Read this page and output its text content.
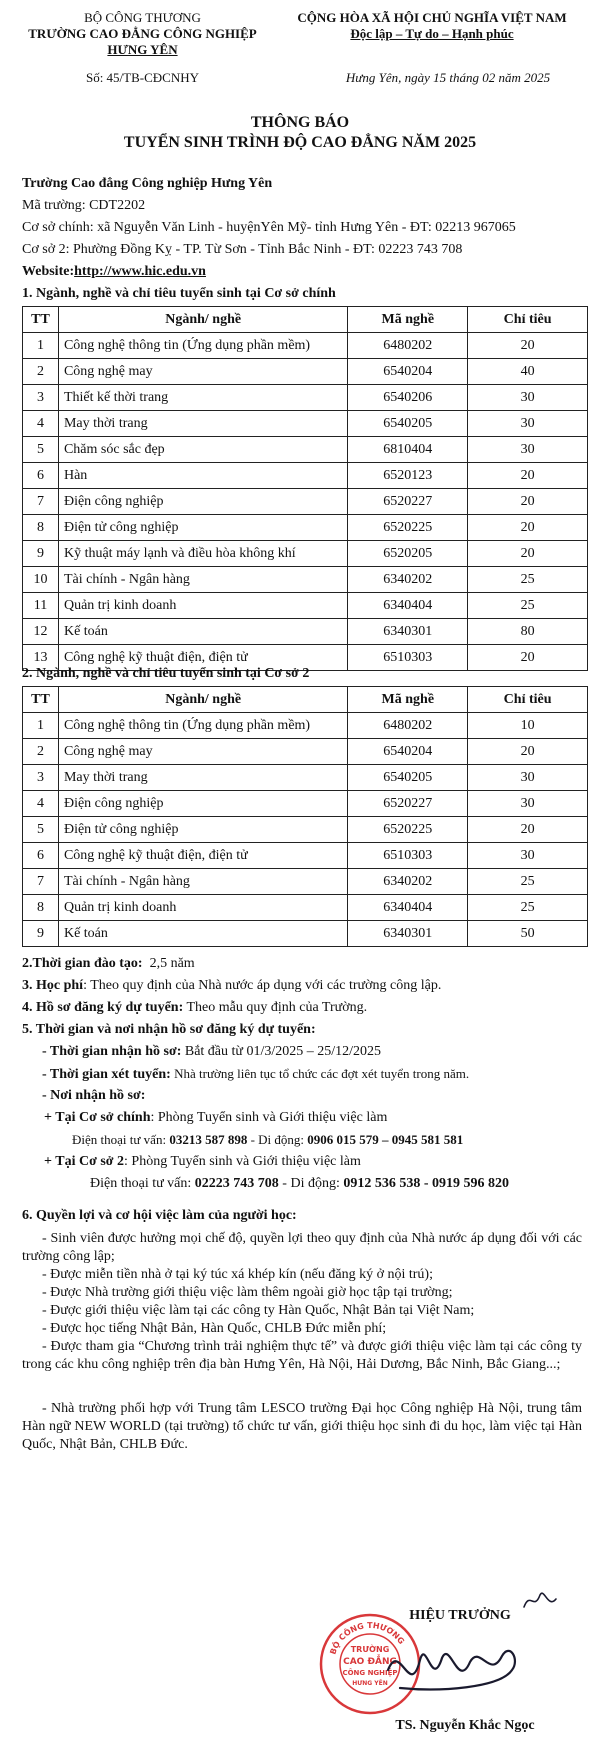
BỘ CÔNG THƯƠNG
TRƯỜNG CAO ĐẲNG CÔNG NGHIỆP
HƯNG YÊN
Số: 45/TB-CĐCNHY
CỘNG HÒA XÃ HỘI CHỦ NGHĨA VIỆT NAM
Độc lập – Tự do – Hạnh phúc
Hưng Yên, ngày 15 tháng 02 năm 2025
THÔNG BÁO
TUYỂN SINH TRÌNH ĐỘ CAO ĐẲNG NĂM 2025
Trường Cao đẳng Công nghiệp Hưng Yên
Mã trường: CDT2202
Cơ sở chính: xã Nguyễn Văn Linh - huyệnYên Mỹ- tỉnh Hưng Yên - ĐT: 02213 967065
Cơ sở 2: Phường Đồng Kỵ - TP. Từ Sơn - Tỉnh Bắc Ninh - ĐT: 02223 743 708
Website:http://www.hic.edu.vn
1. Ngành, nghề và chỉ tiêu tuyển sinh tại Cơ sở chính
TT	Ngành/ nghề	Mã nghề	Chỉ tiêu
1	Công nghệ thông tin (Ứng dụng phần mềm)	6480202	20
2	Công nghệ may	6540204	40
3	Thiết kế thời trang	6540206	30
4	May thời trang	6540205	30
5	Chăm sóc sắc đẹp	6810404	30
6	Hàn	6520123	20
7	Điện công nghiệp	6520227	20
8	Điện tử công nghiệp	6520225	20
9	Kỹ thuật máy lạnh và điều hòa không khí	6520205	20
10	Tài chính - Ngân hàng	6340202	25
11	Quản trị kinh doanh	6340404	25
12	Kế toán	6340301	80
13	Công nghệ kỹ thuật điện, điện tử	6510303	20
2. Ngành, nghề và chỉ tiêu tuyển sinh tại Cơ sở 2
TT	Ngành/ nghề	Mã nghề	Chỉ tiêu
1	Công nghệ thông tin (Ứng dụng phần mềm)	6480202	10
2	Công nghệ may	6540204	20
3	May thời trang	6540205	30
4	Điện công nghiệp	6520227	30
5	Điện tử công nghiệp	6520225	20
6	Công nghệ kỹ thuật điện, điện tử	6510303	30
7	Tài chính - Ngân hàng	6340202	25
8	Quản trị kinh doanh	6340404	25
9	Kế toán	6340301	50
2.Thời gian đào tạo: 2,5 năm
3. Học phí: Theo quy định của Nhà nước áp dụng với các trường công lập.
4. Hồ sơ đăng ký dự tuyển: Theo mẫu quy định của Trường.
5. Thời gian và nơi nhận hồ sơ đăng ký dự tuyển:
- Thời gian nhận hồ sơ: Bắt đầu từ 01/3/2025 – 25/12/2025
- Thời gian xét tuyển: Nhà trường liên tục tổ chức các đợt xét tuyển trong năm.
- Nơi nhận hồ sơ:
+ Tại Cơ sở chính: Phòng Tuyển sinh và Giới thiệu việc làm
Điện thoại tư vấn: 03213 587 898 - Di động: 0906 015 579 – 0945 581 581
+ Tại Cơ sở 2: Phòng Tuyển sinh và Giới thiệu việc làm
Điện thoại tư vấn: 02223 743 708 - Di động: 0912 536 538 - 0919 596 820
6. Quyền lợi và cơ hội việc làm của người học:
- Sinh viên được hưởng mọi chế độ, quyền lợi theo quy định của Nhà nước áp dụng đối với các trường công lập;
- Được miễn tiền nhà ở tại ký túc xá khép kín (nếu đăng ký ở nội trú);
- Được Nhà trường giới thiệu việc làm thêm ngoài giờ học tập tại trường;
- Được giới thiệu việc làm tại các công ty Hàn Quốc, Nhật Bản tại Việt Nam;
- Được học tiếng Nhật Bản, Hàn Quốc, CHLB Đức miễn phí;
- Được tham gia “Chương trình trải nghiệm thực tế” và được giới thiệu việc làm tại các công ty trong các khu công nghiệp trên địa bàn Hưng Yên, Hà Nội, Hải Dương, Bắc Ninh, Bắc Giang...;
- Nhà trường phối hợp với Trung tâm LESCO trường Đại học Công nghiệp Hà Nội, trung tâm Hàn ngữ NEW WORLD (tại trường) tổ chức tư vấn, giới thiệu học sinh đi du học, làm việc tại Hàn Quốc, Nhật Bản, CHLB Đức.
HIỆU TRƯỞNG
BỘ CÔNG THƯƠNG
TRƯỜNG
CAO ĐẲNG
CÔNG NGHIỆP
HƯNG YÊN
TS. Nguyễn Khắc Ngọc
